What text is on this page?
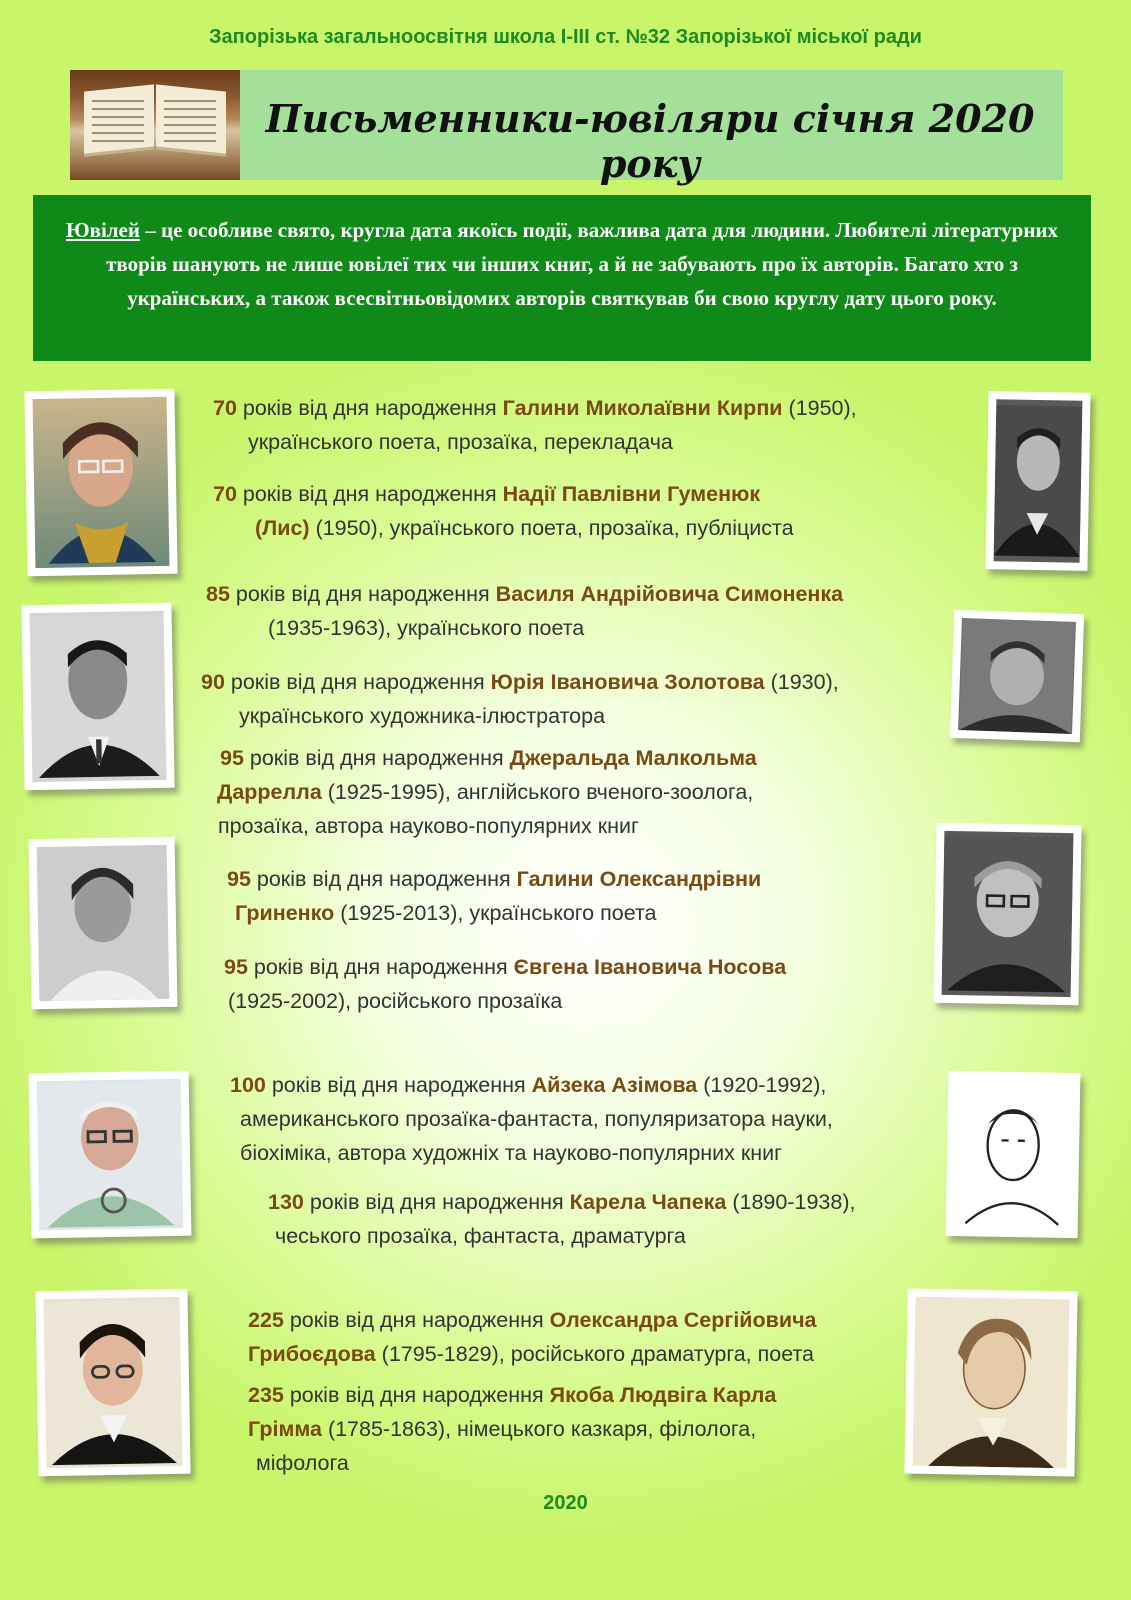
Запорізька загальноосвітня школа І-ІІІ ст. №32 Запорізької міської ради
Письменники-ювіляри січня 2020 року
Ювілей – це особливе свято, кругла дата якоїсь події, важлива дата для людини. Любителі літературних творів шанують не лише ювілеї тих чи інших книг, а й не забувають про їх авторів. Багато хто з українських, а також всесвітньовідомих авторів святкував би свою круглу дату цього року.
70 років від дня народження Галини Миколаївни Кирпи (1950),
українського поета, прозаїка, перекладача
70 років від дня народження Надії Павлівни Гуменюк
(Лис) (1950), українського поета, прозаїка, публіциста
85 років від дня народження Василя Андрійовича Симоненка
(1935-1963), українського поета
90 років від дня народження Юрія Івановича Золотова (1930),
українського художника-ілюстратора
95 років від дня народження Джеральда Малкольма
Даррелла (1925-1995), англійського вченого-зоолога,
прозаїка, автора науково-популярних книг
95 років від дня народження Галини Олександрівни
Гриненко (1925-2013), українського поета
95 років від дня народження Євгена Івановича Носова
(1925-2002), російського прозаїка
100 років від дня народження Айзека Азімова (1920-1992),
американського прозаїка-фантаста, популяризатора науки,
біохіміка, автора художніх та науково-популярних книг
130 років від дня народження Карела Чапека (1890-1938),
чеського прозаїка, фантаста, драматурга
225 років від дня народження Олександра Сергійовича
Грибоєдова (1795-1829), російського драматурга, поета
235 років від дня народження Якоба Людвіга Карла
Грімма (1785-1863), німецького казкаря, філолога,
міфолога
2020
